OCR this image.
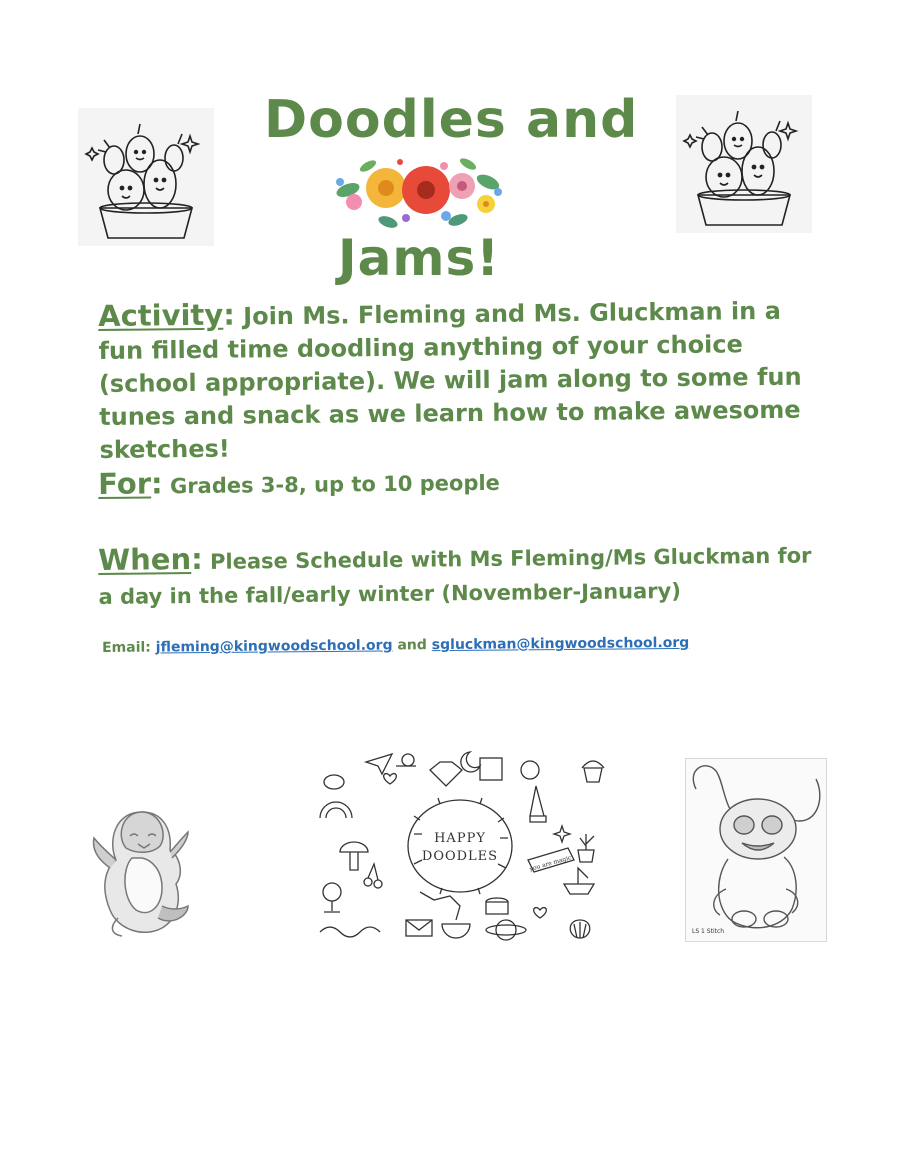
Doodles and
Jams!
Activity: Join Ms. Fleming and Ms. Gluckman in a fun filled time doodling anything of your choice (school appropriate). We will jam along to some fun tunes and snack as we learn how to make awesome sketches!
For: Grades 3-8, up to 10 people
When: Please Schedule with Ms Fleming/Ms Gluckman for a day in the fall/early winter (November-January)
Email: jfleming@kingwoodschool.org and sgluckman@kingwoodschool.org
HAPPY
DOODLES	you are magic
LS 1 Stitch
